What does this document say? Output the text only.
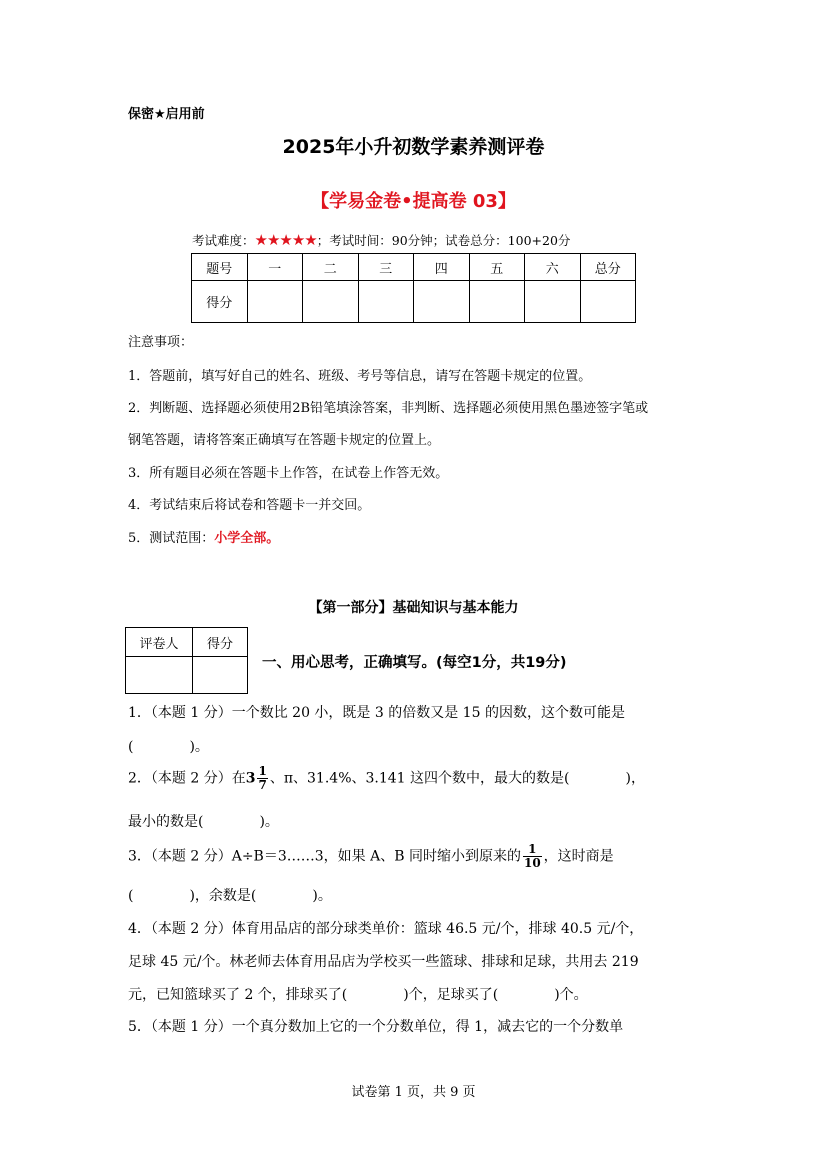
保密★启用前
2025年小升初数学素养测评卷
【学易金卷•提高卷 03】
考试难度：★★★★★；考试时间：90分钟；试卷总分：100+20分
题号	一	二	三	四	五	六	总分
得分							
注意事项：
1．答题前，填写好自己的姓名、班级、考号等信息，请写在答题卡规定的位置。
2．判断题、选择题必须使用2B铅笔填涂答案，非判断、选择题必须使用黑色墨迹签字笔或
钢笔答题，请将答案正确填写在答题卡规定的位置上。
3．所有题目必须在答题卡上作答，在试卷上作答无效。
4．考试结束后将试卷和答题卡一并交回。
5．测试范围：小学全部。
【第一部分】基础知识与基本能力
评卷人	得分

一、用心思考，正确填写。(每空1分，共19分)
1．（本题 1 分）一个数比 20 小，既是 3 的倍数又是 15 的因数，这个数可能是
(　　　　)。
2．（本题 2 分）在$3 \frac{1}{7}$ 、π、31.4%、3.141 这四个数中，最大的数是(　　　　)，
最小的数是(　　　　)。
3．（本题 2 分）A÷B＝3……3，如果 A、B 同时缩小到原来的 $\frac{1}{10}$ ，这时商是
(　　　　)，余数是(　　　　)。
4．（本题 2 分）体育用品店的部分球类单价：篮球 46.5 元/个，排球 40.5 元/个，
足球 45 元/个。林老师去体育用品店为学校买一些篮球、排球和足球，共用去 219
元，已知篮球买了 2 个，排球买了(　　　　)个，足球买了(　　　　)个。
5．（本题 1 分）一个真分数加上它的一个分数单位，得 1，减去它的一个分数单
试卷第 1 页，共 9 页
